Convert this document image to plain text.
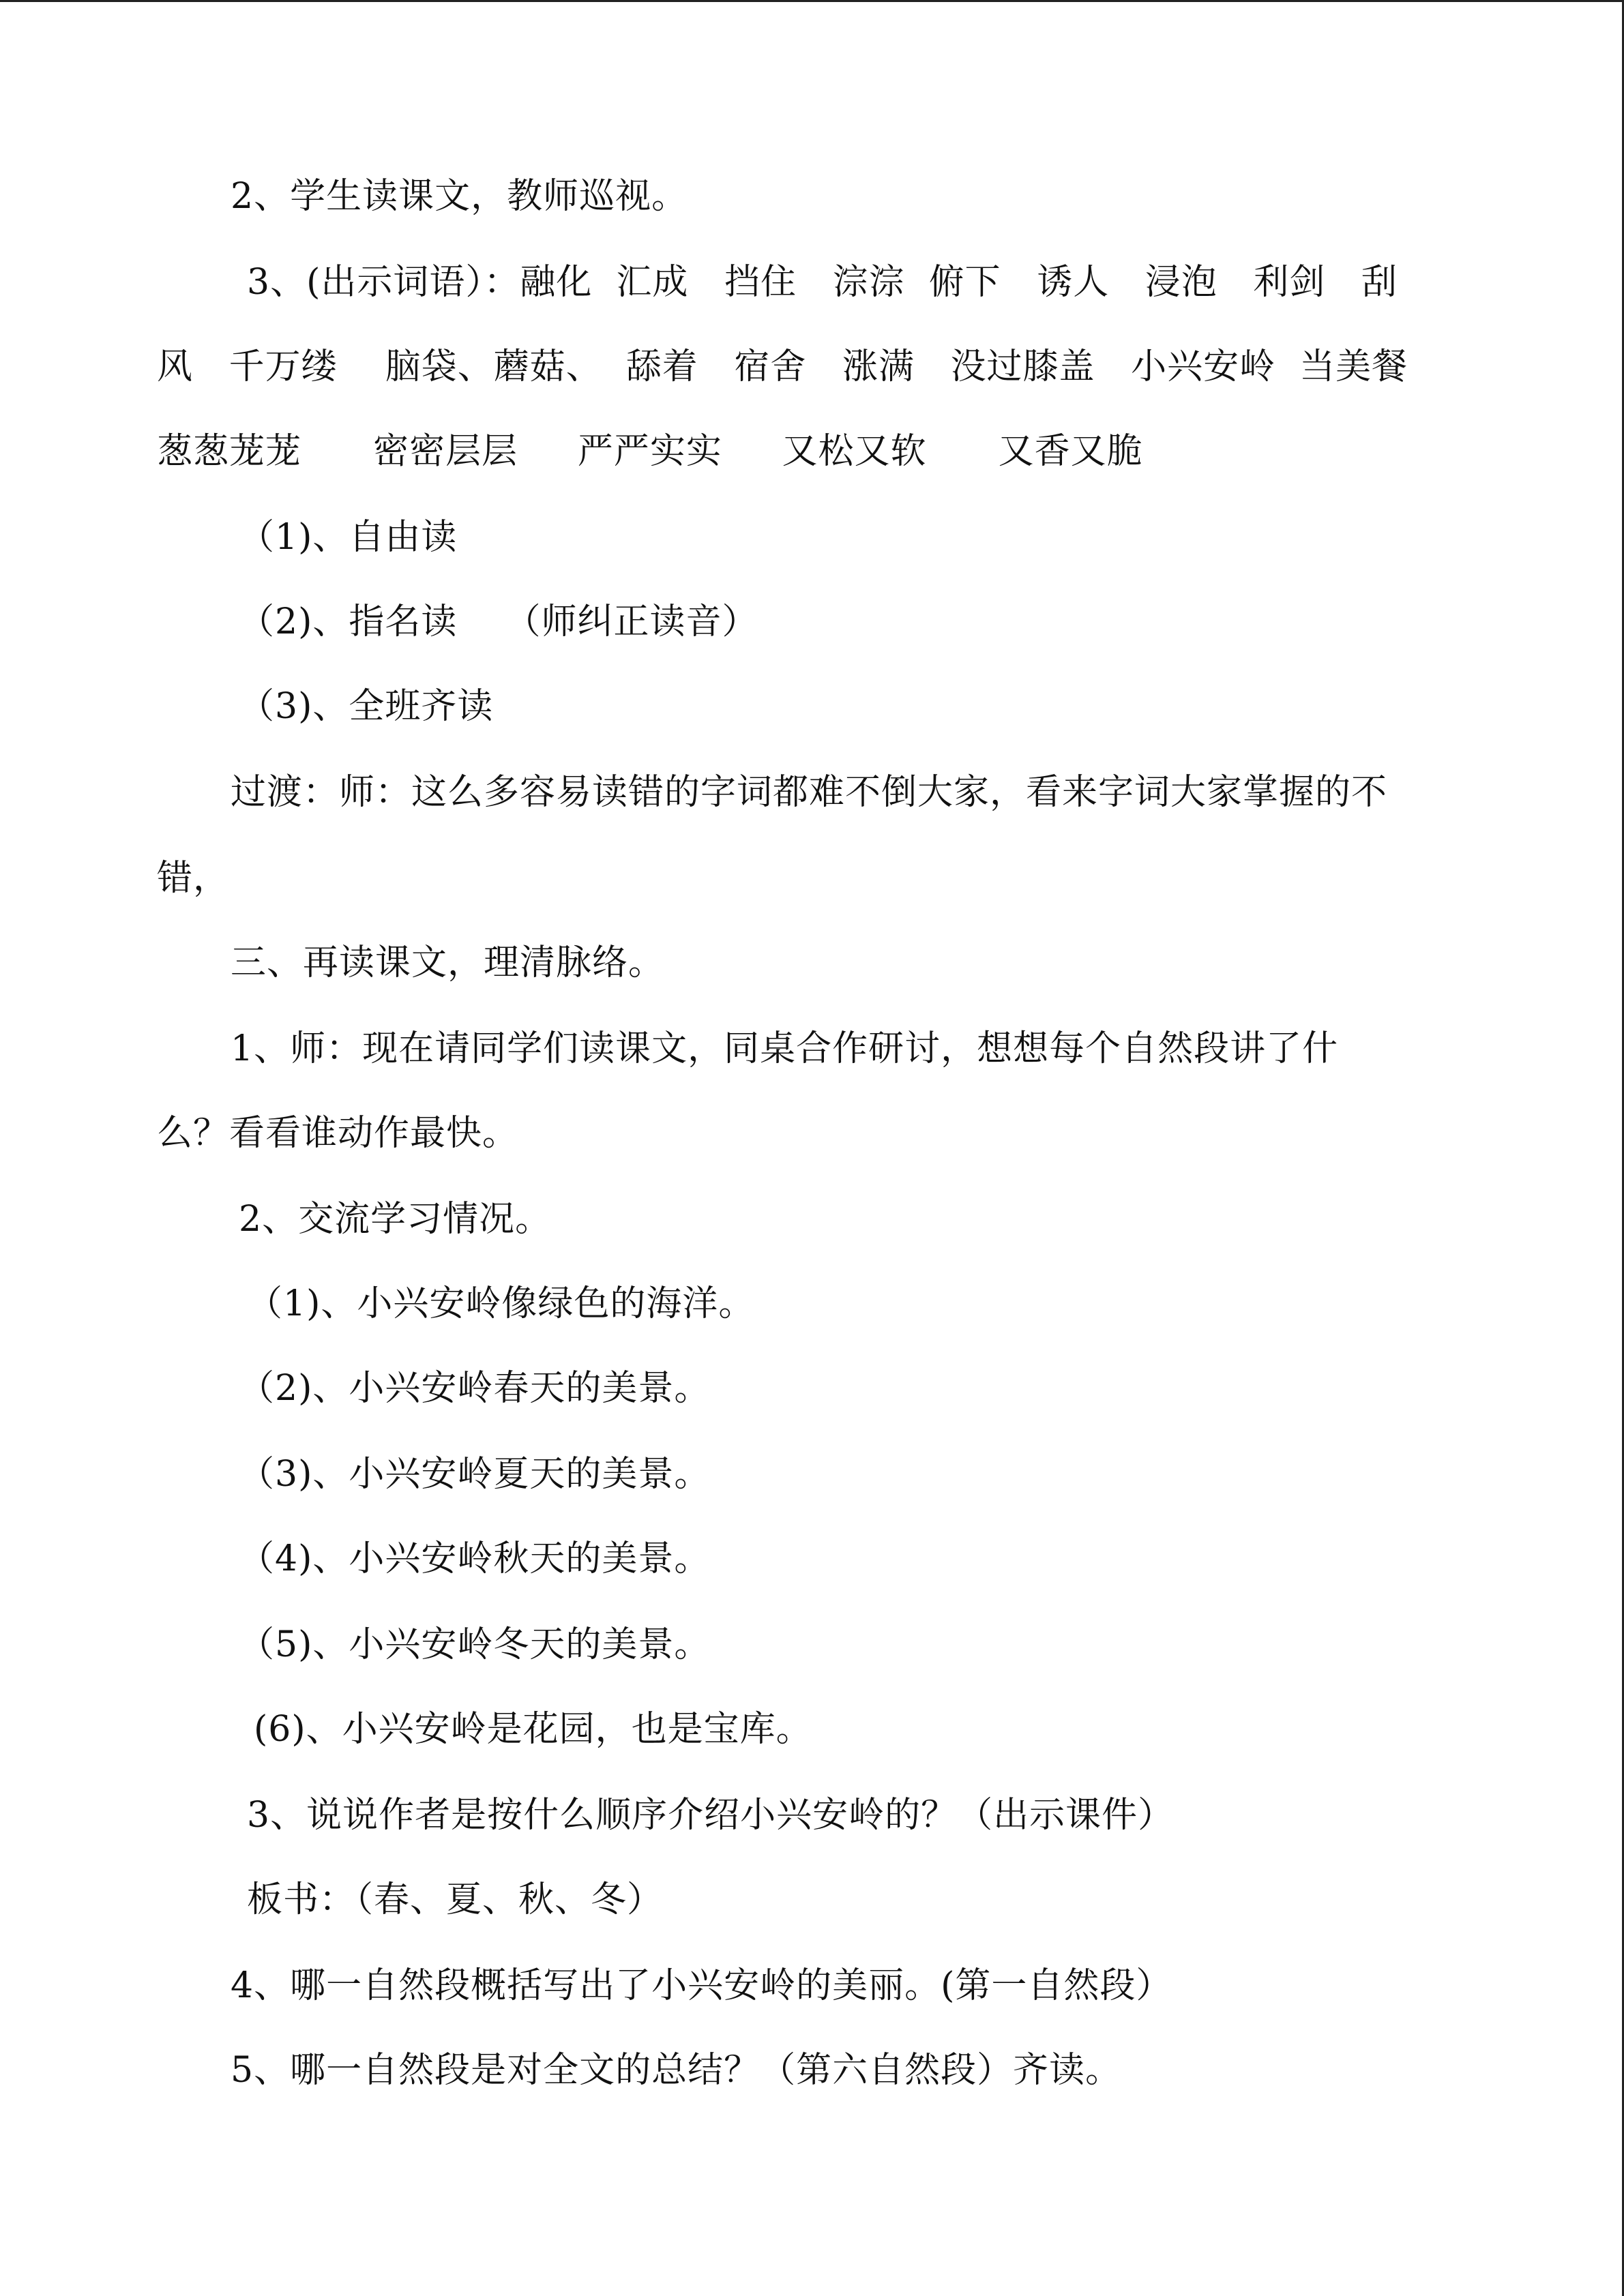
2、学生读课文，教师巡视。
3、(出示词语）：融化  汇成   挡住   淙淙  俯下   诱人   浸泡   利剑   刮
风   千万缕    脑袋、蘑菇、  舔着   宿舍   涨满   没过膝盖   小兴安岭  当美餐
葱葱茏茏      密密层层     严严实实     又松又软      又香又脆
（1)、自由读
（2)、指名读    （师纠正读音）
（3)、全班齐读
过渡：师：这么多容易读错的字词都难不倒大家，看来字词大家掌握的不
错，
三、再读课文，理清脉络。
1、师：现在请同学们读课文，同桌合作研讨，想想每个自然段讲了什
么？看看谁动作最快。
2、交流学习情况。
（1)、小兴安岭像绿色的海洋。
（2)、小兴安岭春天的美景。
（3)、小兴安岭夏天的美景。
（4)、小兴安岭秋天的美景。
（5)、小兴安岭冬天的美景。
(6)、小兴安岭是花园，也是宝库。
3、说说作者是按什么顺序介绍小兴安岭的？（出示课件）
板书：（春、夏、秋、冬）
4、哪一自然段概括写出了小兴安岭的美丽。(第一自然段）
5、哪一自然段是对全文的总结？（第六自然段）齐读。
